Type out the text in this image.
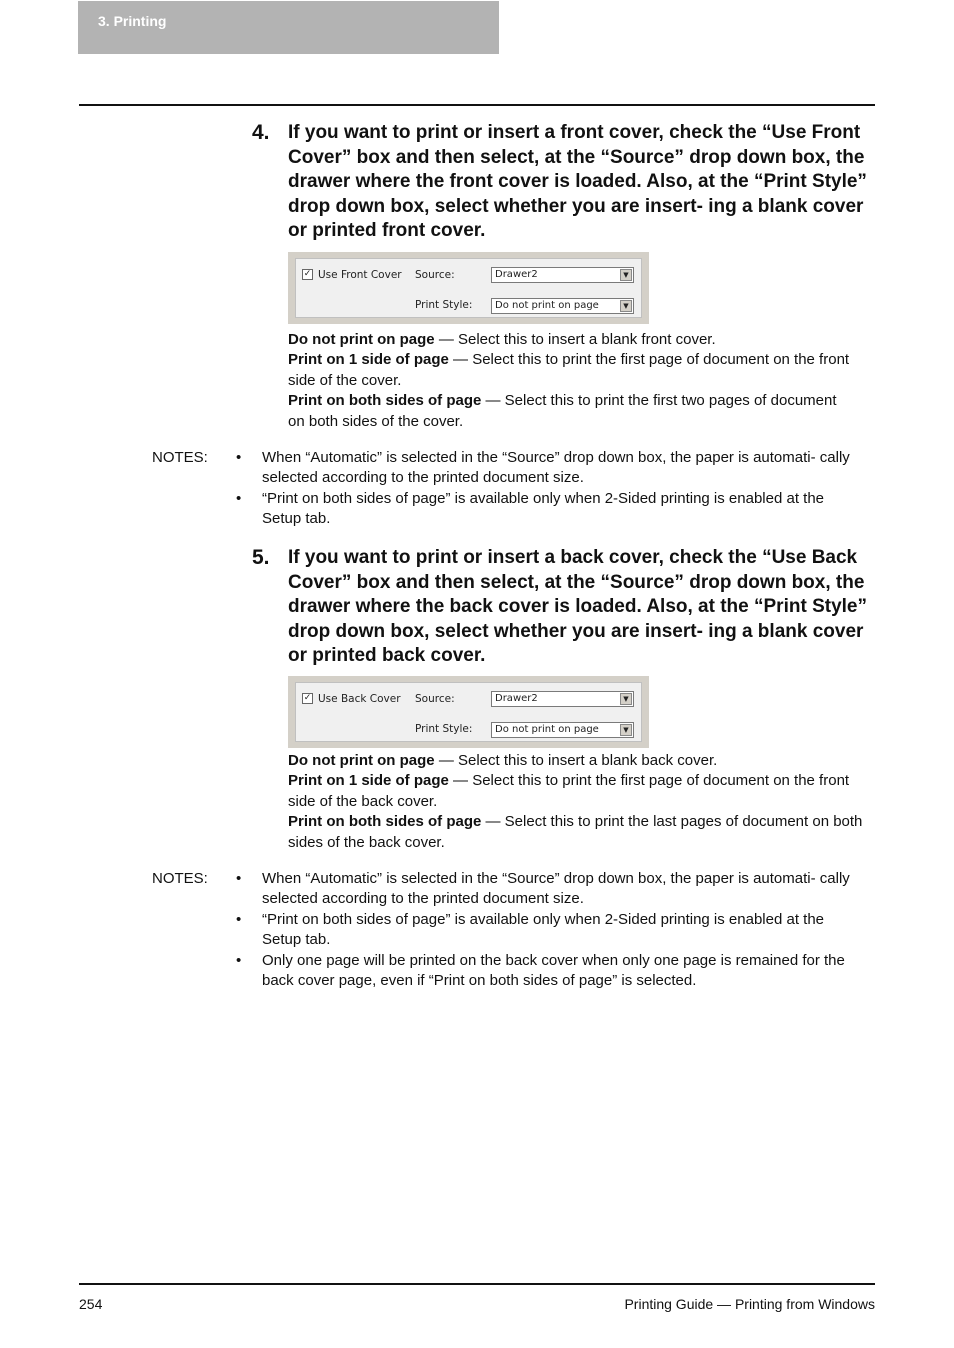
3. Printing
4. If you want to print or insert a front cover, check the “Use Front Cover” box and then select, at the “Source” drop down box, the drawer where the front cover is loaded. Also, at the “Print Style” drop down box, select whether you are insert- ing a blank cover or printed front cover.
✓ Use Front Cover Source:	Drawer2	▼
Print Style: Do not print on page	▼

Do not print on page — Select this to insert a blank front cover.

Print on 1 side of page — Select this to print the first page of document on the front side of the cover.

Print on both sides of page — Select this to print the first two pages of document on both sides of the cover.

NOTES: • When “Automatic” is selected in the “Source” drop down box, the paper is automati- cally selected according to the printed document size.
• “Print on both sides of page” is available only when 2-Sided printing is enabled at the Setup tab.
5. If you want to print or insert a back cover, check the “Use Back Cover” box and then select, at the “Source” drop down box, the drawer where the back cover is loaded. Also, at the “Print Style” drop down box, select whether you are insert- ing a blank cover or printed back cover.
✓ Use Back Cover Source:	Drawer2	▼
Print Style: Do not print on page	▼

Do not print on page — Select this to insert a blank back cover.

Print on 1 side of page — Select this to print the first page of document on the front side of the back cover.

Print on both sides of page — Select this to print the last pages of document on both sides of the back cover.

NOTES: • When “Automatic” is selected in the “Source” drop down box, the paper is automati- cally selected according to the printed document size.
• “Print on both sides of page” is available only when 2-Sided printing is enabled at the Setup tab.
• Only one page will be printed on the back cover when only one page is remained for the back cover page, even if “Print on both sides of page” is selected.
254	Printing Guide — Printing from Windows
